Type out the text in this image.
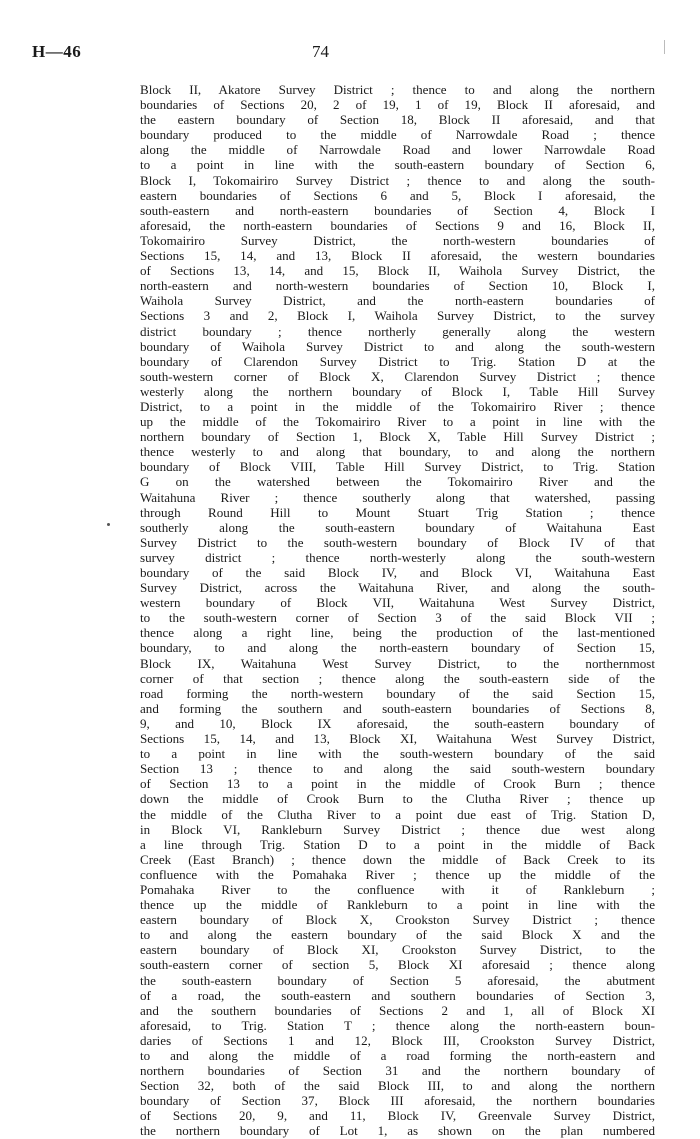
H—46	74
Block II, Akatore Survey District ; thence to and along the northern
boundaries of Sections 20, 2 of 19, 1 of 19, Block II aforesaid, and
the eastern boundary of Section 18, Block II aforesaid, and that
boundary produced to the middle of Narrowdale Road ; thence
along the middle of Narrowdale Road and lower Narrowdale Road
to a point in line with the south-eastern boundary of Section 6,
Block I, Tokomairiro Survey District ; thence to and along the south-
eastern boundaries of Sections 6 and 5, Block I aforesaid, the
south-eastern and north-eastern boundaries of Section 4, Block I
aforesaid, the north-eastern boundaries of Sections 9 and 16, Block II,
Tokomairiro Survey District, the north-western boundaries of
Sections 15, 14, and 13, Block II aforesaid, the western boundaries
of Sections 13, 14, and 15, Block II, Waihola Survey District, the
north-eastern and north-western boundaries of Section 10, Block I,
Waihola Survey District, and the north-eastern boundaries of
Sections 3 and 2, Block I, Waihola Survey District, to the survey
district boundary ; thence northerly generally along the western
boundary of Waihola Survey District to and along the south-western
boundary of Clarendon Survey District to Trig. Station D at the
south-western corner of Block X, Clarendon Survey District ; thence
westerly along the northern boundary of Block I, Table Hill Survey
District, to a point in the middle of the Tokomairiro River ; thence
up the middle of the Tokomairiro River to a point in line with the
northern boundary of Section 1, Block X, Table Hill Survey District ;
thence westerly to and along that boundary, to and along the northern
boundary of Block VIII, Table Hill Survey District, to Trig. Station
G on the watershed between the Tokomairiro River and the
Waitahuna River ; thence southerly along that watershed, passing
through Round Hill to Mount Stuart Trig Station ; thence
southerly along the south-eastern boundary of Waitahuna East
Survey District to the south-western boundary of Block IV of that
survey district ; thence north-westerly along the south-western
boundary of the said Block IV, and Block VI, Waitahuna East
Survey District, across the Waitahuna River, and along the south-
western boundary of Block VII, Waitahuna West Survey District,
to the south-western corner of Section 3 of the said Block VII ;
thence along a right line, being the production of the last-mentioned
boundary, to and along the north-eastern boundary of Section 15,
Block IX, Waitahuna West Survey District, to the northernmost
corner of that section ; thence along the south-eastern side of the
road forming the north-western boundary of the said Section 15,
and forming the southern and south-eastern boundaries of Sections 8,
9, and 10, Block IX aforesaid, the south-eastern boundary of
Sections 15, 14, and 13, Block XI, Waitahuna West Survey District,
to a point in line with the south-western boundary of the said
Section 13 ; thence to and along the said south-western boundary
of Section 13 to a point in the middle of Crook Burn ; thence
down the middle of Crook Burn to the Clutha River ; thence up
the middle of the Clutha River to a point due east of Trig. Station D,
in Block VI, Rankleburn Survey District ; thence due west along
a line through Trig. Station D to a point in the middle of Back
Creek (East Branch) ; thence down the middle of Back Creek to its
confluence with the Pomahaka River ; thence up the middle of the
Pomahaka River to the confluence with it of Rankleburn ;
thence up the middle of Rankleburn to a point in line with the
eastern boundary of Block X, Crookston Survey District ; thence
to and along the eastern boundary of the said Block X and the
eastern boundary of Block XI, Crookston Survey District, to the
south-eastern corner of section 5, Block XI aforesaid ; thence along
the south-eastern boundary of Section 5 aforesaid, the abutment
of a road, the south-eastern and southern boundaries of Section 3,
and the southern boundaries of Sections 2 and 1, all of Block XI
aforesaid, to Trig. Station T ; thence along the north-eastern boun-
daries of Sections 1 and 12, Block III, Crookston Survey District,
to and along the middle of a road forming the north-eastern and
northern boundaries of Section 31 and the northern boundary of
Section 32, both of the said Block III, to and along the northern
boundary of Section 37, Block III aforesaid, the northern boundaries
of Sections 20, 9, and 11, Block IV, Greenvale Survey District,
the northern boundary of Lot 1, as shown on the plan numbered
